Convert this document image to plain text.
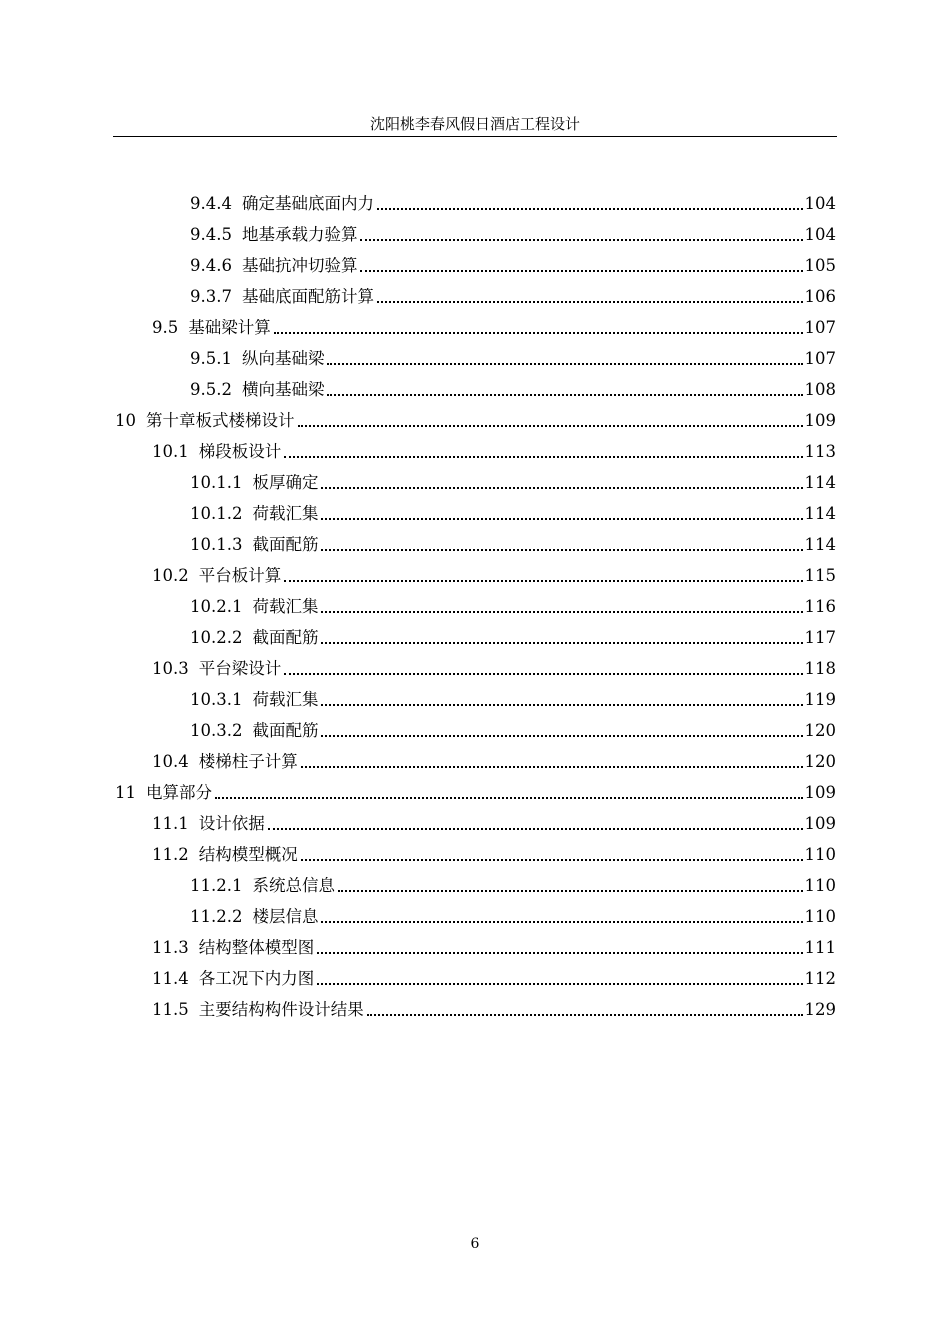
沈阳桃李春风假日酒店工程设计
9.4.4 确定基础底面内力	104
9.4.5 地基承载力验算	104
9.4.6 基础抗冲切验算	105
9.3.7 基础底面配筋计算	106
9.5 基础梁计算	107
9.5.1 纵向基础梁	107
9.5.2 横向基础梁	108
10 第十章板式楼梯设计	109
10.1 梯段板设计	113
10.1.1 板厚确定	114
10.1.2 荷载汇集	114
10.1.3 截面配筋	114
10.2 平台板计算	115
10.2.1 荷载汇集	116
10.2.2 截面配筋	117
10.3 平台梁设计	118
10.3.1 荷载汇集	119
10.3.2 截面配筋	120
10.4 楼梯柱子计算	120
11 电算部分	109
11.1 设计依据	109
11.2 结构模型概况	110
11.2.1 系统总信息	110
11.2.2 楼层信息	110
11.3 结构整体模型图	111
11.4 各工况下内力图	112
11.5 主要结构构件设计结果	129
6
